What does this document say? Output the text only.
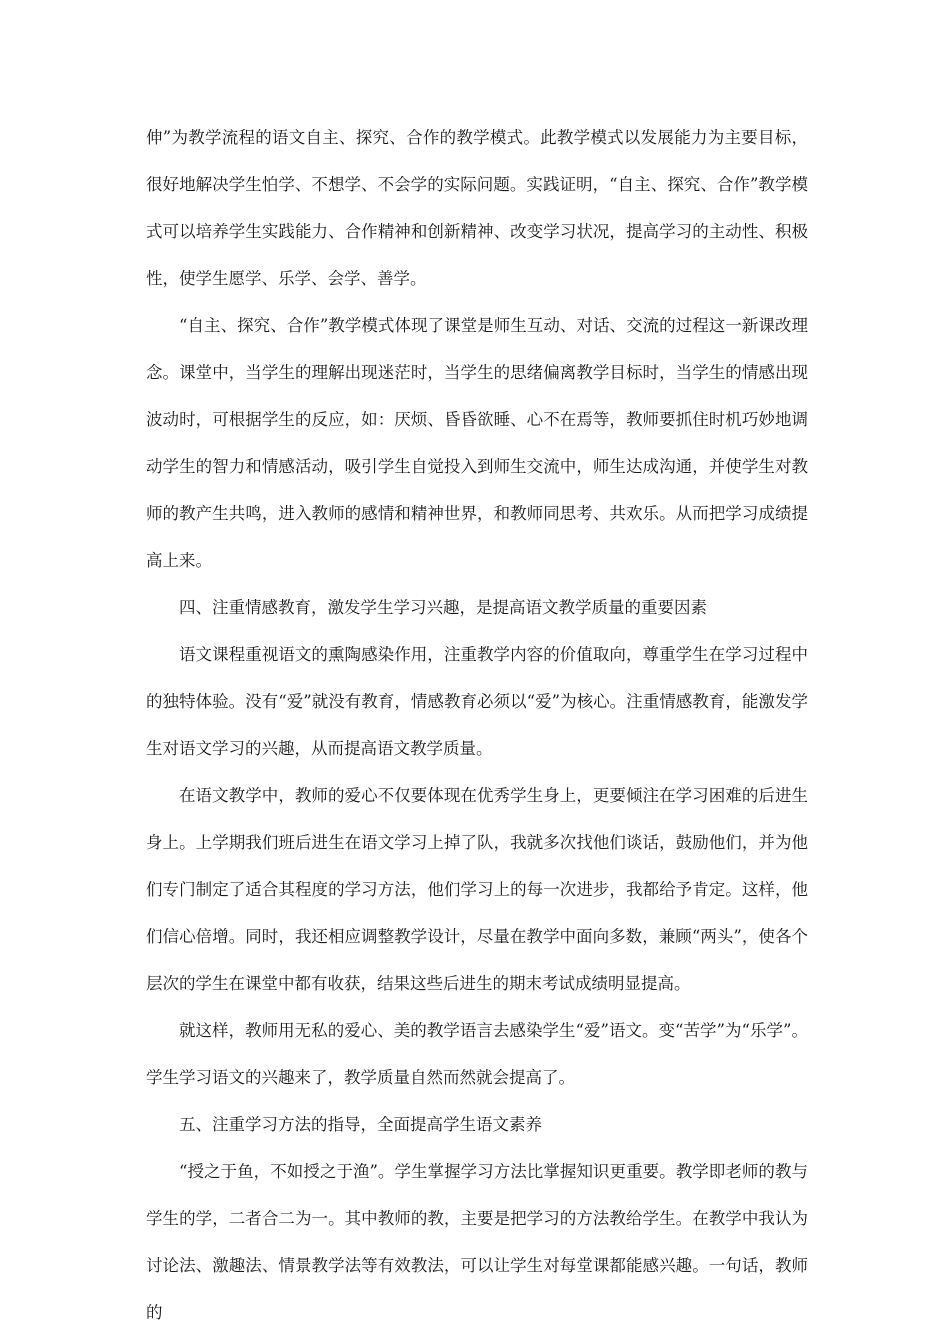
伸”为教学流程的语文自主、探究、合作的教学模式。此教学模式以发展能力为主要目标，很好地解决学生怕学、不想学、不会学的实际问题。实践证明，“自主、探究、合作”教学模式可以培养学生实践能力、合作精神和创新精神、改变学习状况，提高学习的主动性、积极性，使学生愿学、乐学、会学、善学。

“自主、探究、合作”教学模式体现了课堂是师生互动、对话、交流的过程这一新课改理念。课堂中，当学生的理解出现迷茫时，当学生的思绪偏离教学目标时，当学生的情感出现波动时，可根据学生的反应，如：厌烦、昏昏欲睡、心不在焉等，教师要抓住时机巧妙地调动学生的智力和情感活动，吸引学生自觉投入到师生交流中，师生达成沟通，并使学生对教师的教产生共鸣，进入教师的感情和精神世界，和教师同思考、共欢乐。从而把学习成绩提高上来。

四、注重情感教育，激发学生学习兴趣，是提高语文教学质量的重要因素

语文课程重视语文的熏陶感染作用，注重教学内容的价值取向，尊重学生在学习过程中的独特体验。没有“爱”就没有教育，情感教育必须以“爱”为核心。注重情感教育，能激发学生对语文学习的兴趣，从而提高语文教学质量。

在语文教学中，教师的爱心不仅要体现在优秀学生身上，更要倾注在学习困难的后进生身上。上学期我们班后进生在语文学习上掉了队，我就多次找他们谈话，鼓励他们，并为他们专门制定了适合其程度的学习方法，他们学习上的每一次进步，我都给予肯定。这样，他们信心倍增。同时，我还相应调整教学设计，尽量在教学中面向多数，兼顾“两头”，使各个层次的学生在课堂中都有收获，结果这些后进生的期末考试成绩明显提高。

就这样，教师用无私的爱心、美的教学语言去感染学生“爱”语文。变“苦学”为“乐学”。学生学习语文的兴趣来了，教学质量自然而然就会提高了。

五、注重学习方法的指导，全面提高学生语文素养

“授之于鱼，不如授之于渔”。学生掌握学习方法比掌握知识更重要。教学即老师的教与学生的学，二者合二为一。其中教师的教，主要是把学习的方法教给学生。在教学中我认为讨论法、激趣法、情景教学法等有效教法，可以让学生对每堂课都能感兴趣。一句话，教师的
